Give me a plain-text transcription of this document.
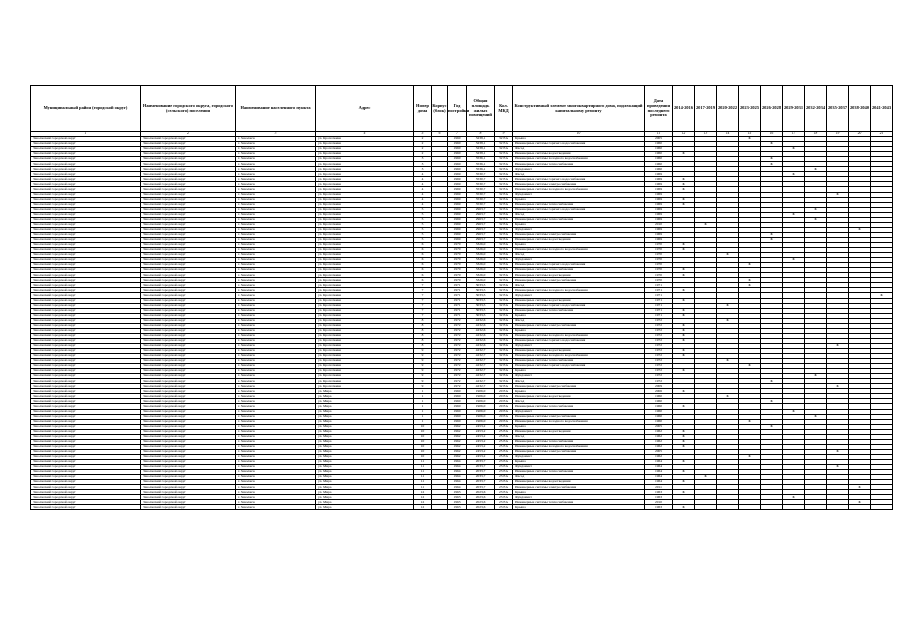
Муниципальный район (городской округ)	Наименование городского округа, городского (сельского) поселения	Наименование населенного пункта	Адрес	Номер дома	Корпус (блок)	Год постройки	Общая площадь жилых помещений	Кол. МКД	Конструктивный элемент многоквартирного дома, подлежащий капитальному ремонту	Дата проведения последнего ремонта	2014-2016	2017-2019	2020-2022	2023-2025	2026-2028	2029-2031	2032-2034	2035-2037	2038-2040	2041-2043
1	2	3	4	5	6	7	8	9	10	11	12	13	14	15	16	17	18	19	20	21
Заволжский городской округ	Заволжский городской округ	г. Заволжск	ул. Кропоткина	2		1960	3238,1	32 ЕА	Крыша	2005				X						
Заволжский городской округ	Заволжский городской округ	г. Заволжск	ул. Кропоткина	2		1960	3238,1	32 ЕА	Инженерные системы горячего водоснабжения	1960					X					
Заволжский городской округ	Заволжский городской округ	г. Заволжск	ул. Кропоткина	2		1960	3238,1	32 ЕА	Фасад	1960						X				
Заволжский городской округ	Заволжский городской округ	г. Заволжск	ул. Кропоткина	2		1960	3238,1	32 ЕА	Инженерные системы водоотведения	1960	X									
Заволжский городской округ	Заволжский городской округ	г. Заволжск	ул. Кропоткина	3		1960	3536,1	32 ЕА	Инженерные системы холодного водоснабжения	1960					X					
Заволжский городской округ	Заволжский городской округ	г. Заволжск	ул. Кропоткина	3		1960	3536,1	32 ЕА	Инженерные системы теплоснабжения	1960					X					
Заволжский городской округ	Заволжский городской округ	г. Заволжск	ул. Кропоткина	3		1960	3536,1	32 ЕА	Фундамент	1960							X			
Заволжский городской округ	Заволжский городской округ	г. Заволжск	ул. Кропоткина	4		1969	3530,7	32 ЕА	Фасад	1969						X				
Заволжский городской округ	Заволжский городской округ	г. Заволжск	ул. Кропоткина	4		1969	3530,7	32 ЕА	Инженерные системы горячего водоснабжения	1969	X									
Заволжский городской округ	Заволжский городской округ	г. Заволжск	ул. Кропоткина	4		1969	3530,7	32 ЕА	Инженерные системы электроснабжения	1969	X									
Заволжский городской округ	Заволжский городской округ	г. Заволжск	ул. Кропоткина	4		1969	3530,7	32 ЕА	Инженерные системы холодного водоснабжения	1969	X									
Заволжский городской округ	Заволжский городской округ	г. Заволжск	ул. Кропоткина	4		1969	3530,7	32 ЕА	Фундамент	1969								X		
Заволжский городской округ	Заволжский городской округ	г. Заволжск	ул. Кропоткина	4		1969	3530,7	32 ЕА	Крыша	1969	X									
Заволжский городской округ	Заволжский городской округ	г. Заволжск	ул. Кропоткина	4		1969	3530,7	32 ЕА	Инженерные системы теплоснабжения	1969	X									
Заволжский городской округ	Заволжский городской округ	г. Заволжск	ул. Кропоткина	5		1969	2963,7	32 ЕА	Инженерные системы горячего водоснабжения	1969							X			
Заволжский городской округ	Заволжский городской округ	г. Заволжск	ул. Кропоткина	5		1969	2963,7	32 ЕА	Фасад	1969						X				
Заволжский городской округ	Заволжский городской округ	г. Заволжск	ул. Кропоткина	5		1969	2963,7	32 ЕА	Инженерные системы теплоснабжения	1969							X			
Заволжский городской округ	Заволжский городской округ	г. Заволжск	ул. Кропоткина	5		1969	2963,7	32 ЕА	Крыша	2010		X								
Заволжский городской округ	Заволжский городской округ	г. Заволжск	ул. Кропоткина	5		1969	2963,7	32 ЕА	Фундамент	1969									X	
Заволжский городской округ	Заволжский городской округ	г. Заволжск	ул. Кропоткина	5		1969	2963,7	32 ЕА	Инженерные системы электроснабжения	1969					X					
Заволжский городской округ	Заволжский городской округ	г. Заволжск	ул. Кропоткина	5		1969	2963,7	32 ЕА	Инженерные системы водоотведения	1969					X					
Заволжский городской округ	Заволжский городской округ	г. Заволжск	ул. Кропоткина	6		1970	3326,0	32 ЕА	Крыша	1970	X									
Заволжский городской округ	Заволжский городской округ	г. Заволжск	ул. Кропоткина	6		1970	3326,0	32 ЕА	Инженерные системы холодного водоснабжения	1970	X									
Заволжский городской округ	Заволжский городской округ	г. Заволжск	ул. Кропоткина	6		1970	3326,0	32 ЕА	Фасад	1970			X							
Заволжский городской округ	Заволжский городской округ	г. Заволжск	ул. Кропоткина	6		1970	3326,0	32 ЕА	Фундамент	1970						X				
Заволжский городской округ	Заволжский городской округ	г. Заволжск	ул. Кропоткина	6		1970	3326,0	32 ЕА	Инженерные системы горячего водоснабжения	1970				X						
Заволжский городской округ	Заволжский городской округ	г. Заволжск	ул. Кропоткина	6		1970	3326,0	32 ЕА	Инженерные системы теплоснабжения	1970	X									
Заволжский городской округ	Заволжский городской округ	г. Заволжск	ул. Кропоткина	6		1970	3326,0	32 ЕА	Инженерные системы водоотведения	1970	X									
Заволжский городской округ	Заволжский городской округ	г. Заволжск	ул. Кропоткина	6		1970	3326,0	32 ЕА	Инженерные системы электроснабжения	1970				X						
Заволжский городской округ	Заволжский городской округ	г. Заволжск	ул. Кропоткина	7		1971	3033,5	32 ЕА	Фасад	1971				X						
Заволжский городской округ	Заволжский городской округ	г. Заволжск	ул. Кропоткина	7		1971	3033,5	32 ЕА	Инженерные системы холодного водоснабжения	1971	X									
Заволжский городской округ	Заволжский городской округ	г. Заволжск	ул. Кропоткина	7		1971	3033,5	32 ЕА	Фундамент	1971										X
Заволжский городской округ	Заволжский городской округ	г. Заволжск	ул. Кропоткина	7		1971	3033,5	32 ЕА	Инженерные системы водоотведения	1971	X									
Заволжский городской округ	Заволжский городской округ	г. Заволжск	ул. Кропоткина	7		1971	3033,5	32 ЕА	Инженерные системы горячего водоснабжения	1971			X							
Заволжский городской округ	Заволжский городской округ	г. Заволжск	ул. Кропоткина	7		1971	3033,5	32 ЕА	Инженерные системы теплоснабжения	1971	X									
Заволжский городской округ	Заволжский городской округ	г. Заволжск	ул. Кропоткина	7		1971	3033,5	32 ЕА	Крыша	1971	X									
Заволжский городской округ	Заволжский городской округ	г. Заволжск	ул. Кропоткина	8		1972	4232,6	32 ЕА	Фасад	1972			X							
Заволжский городской округ	Заволжский городской округ	г. Заволжск	ул. Кропоткина	8		1972	4232,6	32 ЕА	Инженерные системы электроснабжения	1972	X									
Заволжский городской округ	Заволжский городской округ	г. Заволжск	ул. Кропоткина	8		1972	4232,6	32 ЕА	Крыша	1972	X									
Заволжский городской округ	Заволжский городской округ	г. Заволжск	ул. Кропоткина	8		1972	4232,6	32 ЕА	Инженерные системы холодного водоснабжения	1972	X									
Заволжский городской округ	Заволжский городской округ	г. Заволжск	ул. Кропоткина	8		1972	4232,6	32 ЕА	Инженерные системы горячего водоснабжения	1972	X									
Заволжский городской округ	Заволжский городской округ	г. Заволжск	ул. Кропоткина	8		1972	4232,6	32 ЕА	Фундамент	1972								X		
Заволжский городской округ	Заволжский городской округ	г. Заволжск	ул. Кропоткина	9		1972	4232,7	32 ЕА	Инженерные системы водоотведения	1972	X									
Заволжский городской округ	Заволжский городской округ	г. Заволжск	ул. Кропоткина	9		1972	4232,7	32 ЕА	Инженерные системы холодного водоснабжения	1972	X									
Заволжский городской округ	Заволжский городской округ	г. Заволжск	ул. Кропоткина	9		1972	4232,7	32 ЕА	Инженерные системы теплоснабжения	1972			X							
Заволжский городской округ	Заволжский городской округ	г. Заволжск	ул. Кропоткина	9		1972	4232,7	32 ЕА	Инженерные системы горячего водоснабжения	1972				X						
Заволжский городской округ	Заволжский городской округ	г. Заволжск	ул. Кропоткина	9		1972	4232,7	32 ЕА	Крыша	1972	X									
Заволжский городской округ	Заволжский городской округ	г. Заволжск	ул. Кропоткина	9		1972	4232,7	32 ЕА	Фундамент	1972							X			
Заволжский городской округ	Заволжский городской округ	г. Заволжск	ул. Кропоткина	9		1972	4232,7	32 ЕА	Фасад	1972					X					
Заволжский городской округ	Заволжский городской округ	г. Заволжск	ул. Кропоткина	9		1972	4232,7	32 ЕА	Инженерные системы электроснабжения	2009								X		
Заволжский городской округ	Заволжский городской округ	г. Заволжск	ул. Мира	1		1960	1906,0	20 ЕА	Крыша	2006	X									
Заволжский городской округ	Заволжский городской округ	г. Заволжск	ул. Мира	1		1960	1906,0	20 ЕА	Инженерные системы водоотведения	1960			X							
Заволжский городской округ	Заволжский городской округ	г. Заволжск	ул. Мира	1		1960	1906,0	20 ЕА	Фасад	1960					X					
Заволжский городской округ	Заволжский городской округ	г. Заволжск	ул. Мира	1		1960	1906,0	20 ЕА	Инженерные системы теплоснабжения	1960	X									
Заволжский городской округ	Заволжский городской округ	г. Заволжск	ул. Мира	1		1960	1906,0	20 ЕА	Фундамент	1960						X				
Заволжский городской округ	Заволжский городской округ	г. Заволжск	ул. Мира	1		1960	1906,0	20 ЕА	Инженерные системы электроснабжения	1960							X			
Заволжский городской округ	Заволжский городской округ	г. Заволжск	ул. Мира	1		1960	1906,0	20 ЕА	Инженерные системы холодного водоснабжения	1960				X						
Заволжский городской округ	Заволжский городской округ	г. Заволжск	ул. Мира	10		1962	2453,2	25 ЕА	Крыша	2005					X					
Заволжский городской округ	Заволжский городской округ	г. Заволжск	ул. Мира	10		1962	2453,2	25 ЕА	Инженерные системы водоотведения	1962	X									
Заволжский городской округ	Заволжский городской округ	г. Заволжск	ул. Мира	10		1962	2453,2	25 ЕА	Фасад	1962	X									
Заволжский городской округ	Заволжский городской округ	г. Заволжск	ул. Мира	10		1962	2453,2	25 ЕА	Инженерные системы теплоснабжения	1962	X									
Заволжский городской округ	Заволжский городской округ	г. Заволжск	ул. Мира	10		1962	2453,2	25 ЕА	Инженерные системы холодного водоснабжения	1962	X									
Заволжский городской округ	Заволжский городской округ	г. Заволжск	ул. Мира	10		1962	2453,2	25 ЕА	Инженерные системы электроснабжения	2005								X		
Заволжский городской округ	Заволжский городской округ	г. Заволжск	ул. Мира	10		1962	2453,2	25 ЕА	Фундамент	1962				X						
Заволжский городской округ	Заволжский городской округ	г. Заволжск	ул. Мира	11		1964	2033,7	23 ЕА	Крыша	1964	X									
Заволжский городской округ	Заволжский городской округ	г. Заволжск	ул. Мира	11		1964	2033,7	23 ЕА	Фундамент	1964								X		
Заволжский городской округ	Заволжский городской округ	г. Заволжск	ул. Мира	11		1964	2033,7	23 ЕА	Инженерные системы теплоснабжения	1964	X									
Заволжский городской округ	Заволжский городской округ	г. Заволжск	ул. Мира	11		1964	2033,7	23 ЕА	Фасад	1964		X								
Заволжский городской округ	Заволжский городской округ	г. Заволжск	ул. Мира	11		1964	2033,7	23 ЕА	Инженерные системы водоотведения	1964	X									
Заволжский городской округ	Заволжский городской округ	г. Заволжск	ул. Мира	11		1964	2033,7	23 ЕА	Инженерные системы электроснабжения	2011									X	
Заволжский городской округ	Заволжский городской округ	г. Заволжск	ул. Мира	12		1963	2023,6	23 ЕА	Крыша	1963	X									
Заволжский городской округ	Заволжский городской округ	г. Заволжск	ул. Мира	12		1963	2023,6	23 ЕА	Фундамент	1963						X				
Заволжский городской округ	Заволжский городской округ	г. Заволжск	ул. Мира	12		1963	2023,6	23 ЕА	Инженерные системы теплоснабжения	2010									X	
Заволжский городской округ	Заволжский городской округ	г. Заволжск	ул. Мира	12		1963	2023,6	23 ЕА	Крыша	1963	X									
